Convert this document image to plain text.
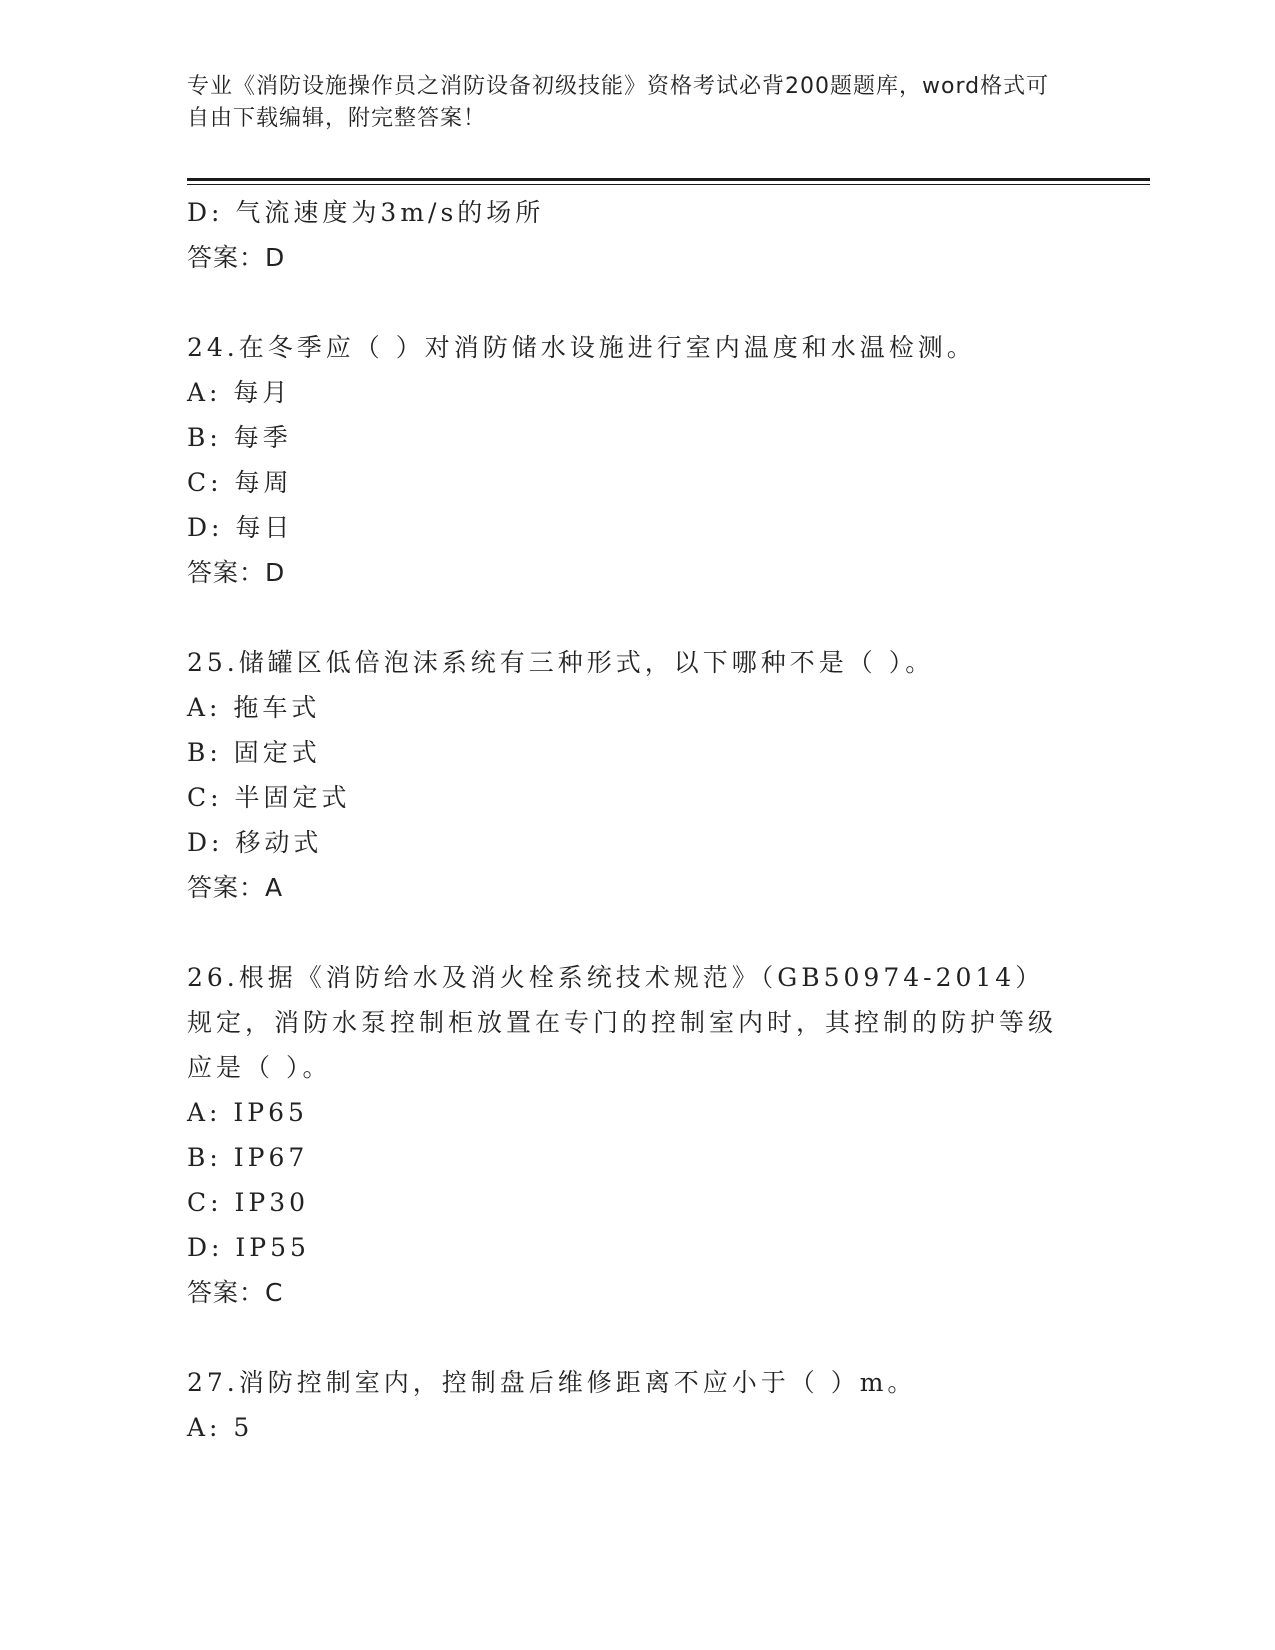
专业《消防设施操作员之消防设备初级技能》资格考试必背200题题库，word格式可自由下载编辑，附完整答案！
D: 气流速度为3m/s的场所
答案：D
24.在冬季应（ ）对消防储水设施进行室内温度和水温检测。
A: 每月
B: 每季
C: 每周
D: 每日
答案：D
25.储罐区低倍泡沫系统有三种形式，以下哪种不是（ ）。
A: 拖车式
B: 固定式
C: 半固定式
D: 移动式
答案：A
26.根据《消防给水及消火栓系统技术规范》（GB50974-2014）规定，消防水泵控制柜放置在专门的控制室内时，其控制的防护等级应是（ ）。
A: IP65
B: IP67
C: IP30
D: IP55
答案：C
27.消防控制室内，控制盘后维修距离不应小于（ ）m。
A: 5
